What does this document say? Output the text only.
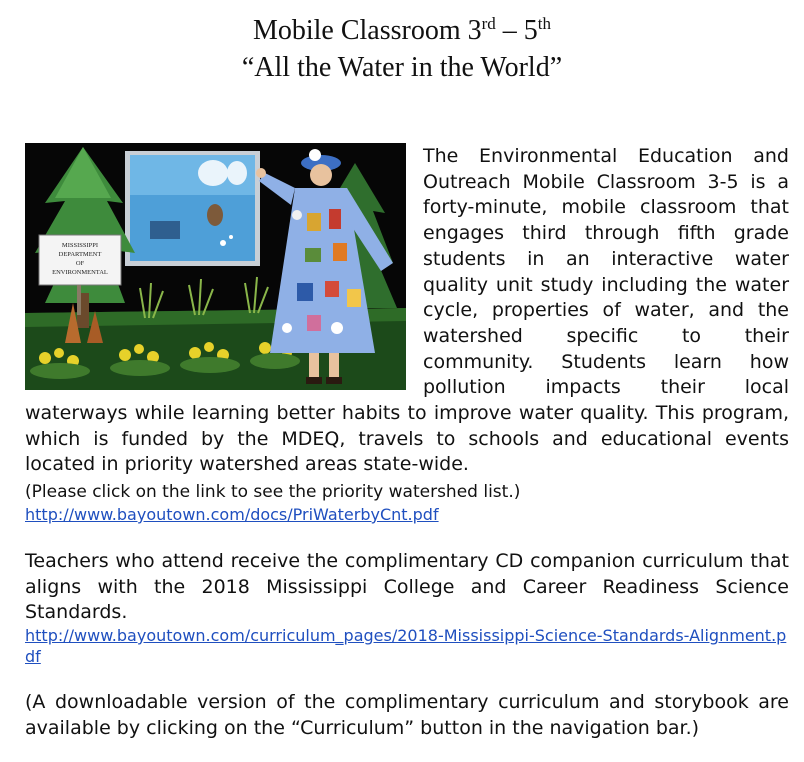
Mobile Classroom 3rd – 5th
“All the Water in the World”
MISSISSIPPI
DEPARTMENT
OF
ENVIRONMENTAL

The Environmental Education and Outreach Mobile Classroom 3-5 is a forty-minute, mobile classroom that engages third through fifth grade students in an interactive water quality unit study including the water cycle, properties of water, and the watershed specific to their community. Students learn how pollution impacts their local waterways while learning better habits to improve water quality. This program, which is funded by the MDEQ, travels to schools and educational events located in priority watershed areas state-wide.

(Please click on the link to see the priority watershed list.)

http://www.bayoutown.com/docs/PriWaterbyCnt.pdf

Teachers who attend receive the complimentary CD companion curriculum that aligns with the 2018 Mississippi College and Career Readiness Science Standards.

http://www.bayoutown.com/curriculum_pages/2018-Mississippi-Science-Standards-Alignment.pdf

(A downloadable version of the complimentary curriculum and storybook are available by clicking on the “Curriculum” button in the navigation bar.)
